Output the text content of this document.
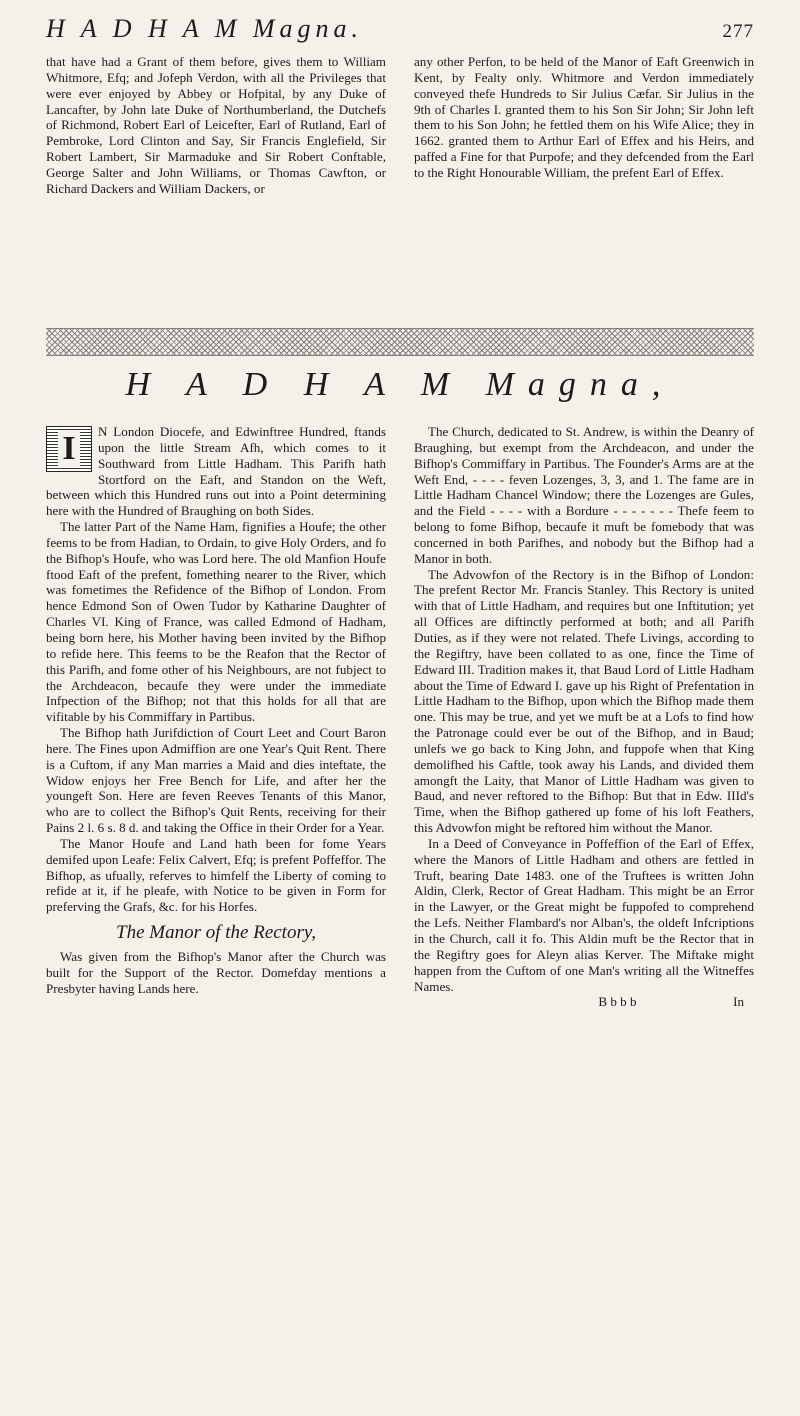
H A D H A M Magna.	277

that have had a Grant of them before, gives them to William Whitmore, Efq; and Jofeph Verdon, with all the Privileges that were ever enjoyed by Abbey or Hofpital, by any Duke of Lancafter, by John late Duke of Northumberland, the Dutchefs of Richmond, Robert Earl of Leicefter, Earl of Rutland, Earl of Pembroke, Lord Clinton and Say, Sir Francis Englefield, Sir Robert Lambert, Sir Marmaduke and Sir Robert Conftable, George Salter and John Williams, or Thomas Cawfton, or Richard Dackers and William Dackers, or

any other Perfon, to be held of the Manor of Eaft Greenwich in Kent, by Fealty only. Whitmore and Verdon immediately conveyed thefe Hundreds to Sir Julius Cæfar. Sir Julius in the 9th of Charles I. granted them to his Son Sir John; Sir John left them to his Son John; he fettled them on his Wife Alice; they in 1662. granted them to Arthur Earl of Effex and his Heirs, and paffed a Fine for that Purpofe; and they defcended from the Earl to the Right Honourable William, the prefent Earl of Effex.

H A D H A M Magna,
I	N London Diocefe, and Edwinftree Hundred, ftands upon the little Stream Afh, which comes to it Southward from Little Hadham. This Parifh hath Stortford on the Eaft, and Standon on the Weft, between which this Hundred runs out into a Point determining here with the Hundred of Braughing on both Sides.

The latter Part of the Name Ham, fignifies a Houfe; the other feems to be from Hadian, to Ordain, to give Holy Orders, and fo the Bifhop's Houfe, who was Lord here. The old Manfion Houfe ftood Eaft of the prefent, fomething nearer to the River, which was fometimes the Refidence of the Bifhop of London. From hence Edmond Son of Owen Tudor by Katharine Daughter of Charles VI. King of France, was called Edmond of Hadham, being born here, his Mother having been invited by the Bifhop to refide here. This feems to be the Reafon that the Rector of this Parifh, and fome other of his Neighbours, are not fubject to the Archdeacon, becaufe they were under the immediate Infpection of the Bifhop; not that this holds for all that are vifitable by his Commiffary in Partibus.

The Bifhop hath Jurifdiction of Court Leet and Court Baron here. The Fines upon Admiffion are one Year's Quit Rent. There is a Cuftom, if any Man marries a Maid and dies inteftate, the Widow enjoys her Free Bench for Life, and after her the youngeft Son. Here are feven Reeves Tenants of this Manor, who are to collect the Bifhop's Quit Rents, receiving for their Pains 2 l. 6 s. 8 d. and taking the Office in their Order for a Year.

The Manor Houfe and Land hath been for fome Years demifed upon Leafe: Felix Calvert, Efq; is prefent Poffeffor. The Bifhop, as ufually, referves to himfelf the Liberty of coming to refide at it, if he pleafe, with Notice to be given in Form for preferving the Grafs, &c. for his Horfes.

The Manor of the Rectory,

Was given from the Bifhop's Manor after the Church was built for the Support of the Rector. Domefday mentions a Presbyter having Lands here.

The Church, dedicated to St. Andrew, is within the Deanry of Braughing, but exempt from the Archdeacon, and under the Bifhop's Commiffary in Partibus. The Founder's Arms are at the Weft End, - - - - feven Lozenges, 3, 3, and 1. The fame are in Little Hadham Chancel Window; there the Lozenges are Gules, and the Field - - - - with a Bordure - - - - - - - Thefe feem to belong to fome Bifhop, becaufe it muft be fomebody that was concerned in both Parifhes, and nobody but the Bifhop had a Manor in both.

The Advowfon of the Rectory is in the Bifhop of London: The prefent Rector Mr. Francis Stanley. This Rectory is united with that of Little Hadham, and requires but one Inftitution; yet all Offices are diftinctly performed at both; and all Parifh Duties, as if they were not related. Thefe Livings, according to the Regiftry, have been collated to as one, fince the Time of Edward III. Tradition makes it, that Baud Lord of Little Hadham about the Time of Edward I. gave up his Right of Prefentation in Little Hadham to the Bifhop, upon which the Bifhop made them one. This may be true, and yet we muft be at a Lofs to find how the Patronage could ever be out of the Bifhop, and in Baud; unlefs we go back to King John, and fuppofe when that King demolifhed his Caftle, took away his Lands, and divided them amongft the Laity, that Manor of Little Hadham was given to Baud, and never reftored to the Bifhop: But that in Edw. IIId's Time, when the Bifhop gathered up fome of his loft Feathers, this Advowfon might be reftored him without the Manor.

In a Deed of Conveyance in Poffeffion of the Earl of Effex, where the Manors of Little Hadham and others are fettled in Truft, bearing Date 1483. one of the Truftees is written John Aldin, Clerk, Rector of Great Hadham. This might be an Error in the Lawyer, or the Great might be fuppofed to comprehend the Lefs. Neither Flambard's nor Alban's, the oldeft Infcriptions in the Church, call it fo. This Aldin muft be the Rector that in the Regiftry goes for Aleyn alias Kerver. The Miftake might happen from the Cuftom of one Man's writing all the Witneffes Names.

B b b b	In
